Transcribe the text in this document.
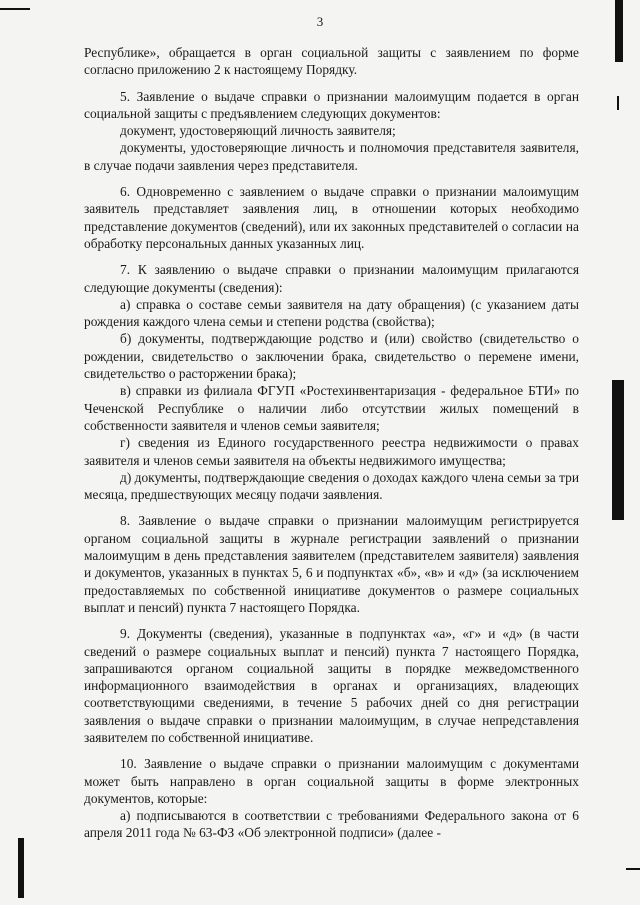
3

Республике», обращается в орган социальной защиты с заявлением по форме согласно приложению 2 к настоящему Порядку.

5. Заявление о выдаче справки о признании малоимущим подается в орган социальной защиты с предъявлением следующих документов:

документ, удостоверяющий личность заявителя;

документы, удостоверяющие личность и полномочия представителя заявителя, в случае подачи заявления через представителя.

6. Одновременно с заявлением о выдаче справки о признании малоимущим заявитель представляет заявления лиц, в отношении которых необходимо представление документов (сведений), или их законных представителей о согласии на обработку персональных данных указанных лиц.

7. К заявлению о выдаче справки о признании малоимущим прилагаются следующие документы (сведения):

а) справка о составе семьи заявителя на дату обращения) (с указанием даты рождения каждого члена семьи и степени родства (свойства);

б) документы, подтверждающие родство и (или) свойство (свидетельство о рождении, свидетельство о заключении брака, свидетельство о перемене имени, свидетельство о расторжении брака);

в) справки из филиала ФГУП «Ростехинвентаризация - федеральное БТИ» по Чеченской Республике о наличии либо отсутствии жилых помещений в собственности заявителя и членов семьи заявителя;

г) сведения из Единого государственного реестра недвижимости о правах заявителя и членов семьи заявителя на объекты недвижимого имущества;

д) документы, подтверждающие сведения о доходах каждого члена семьи за три месяца, предшествующих месяцу подачи заявления.

8. Заявление о выдаче справки о признании малоимущим регистрируется органом социальной защиты в журнале регистрации заявлений о признании малоимущим в день представления заявителем (представителем заявителя) заявления и документов, указанных в пунктах 5, 6 и подпунктах «б», «в» и «д» (за исключением предоставляемых по собственной инициативе документов о размере социальных выплат и пенсий) пункта 7 настоящего Порядка.

9. Документы (сведения), указанные в подпунктах «а», «г» и «д» (в части сведений о размере социальных выплат и пенсий) пункта 7 настоящего Порядка, запрашиваются органом социальной защиты в порядке межведомственного информационного взаимодействия в органах и организациях, владеющих соответствующими сведениями, в течение 5 рабочих дней со дня регистрации заявления о выдаче справки о признании малоимущим, в случае непредставления заявителем по собственной инициативе.

10. Заявление о выдаче справки о признании малоимущим с документами может быть направлено в орган социальной защиты в форме электронных документов, которые:

а) подписываются в соответствии с требованиями Федерального закона от 6 апреля 2011 года № 63-ФЗ «Об электронной подписи» (далее -
